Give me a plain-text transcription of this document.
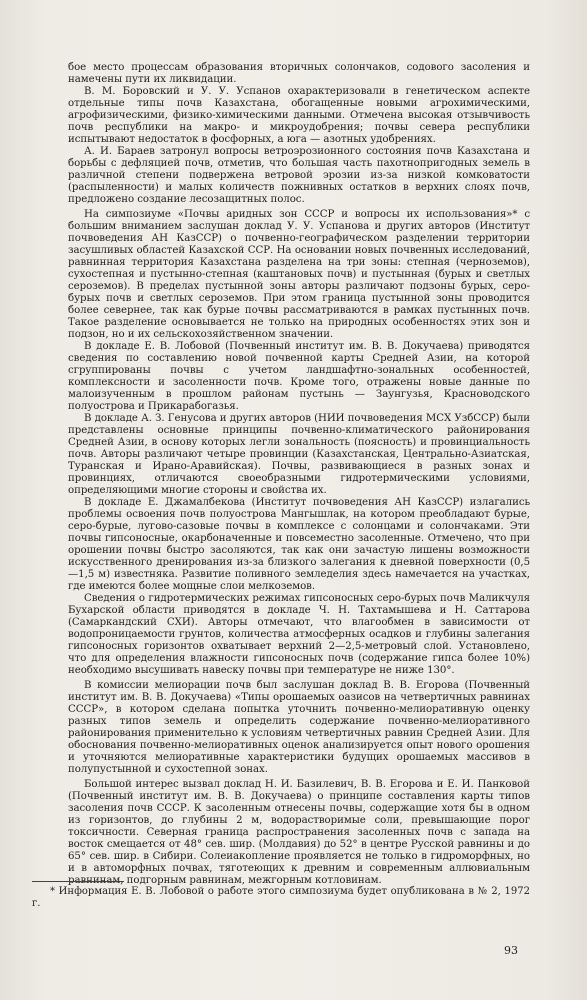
бое место процессам образования вторичных солончаков, содового засоления и намечены пути их ликвидации.

В. М. Боровский и У. У. Успанов охарактеризовали в генетическом аспекте отдельные типы почв Казахстана, обогащенные новыми агрохимическими, агрофизическими, физико-химическими данными. Отмечена высокая отзывчивость почв республики на макро- и микроудобрения; почвы севера республики испытывают недостаток в фосфорных, а юга — азотных удобрениях.

А. И. Бараев затронул вопросы ветроэрозионного состояния почв Казахстана и борьбы с дефляцией почв, отметив, что большая часть пахотнопригодных земель в различной степени подвержена ветровой эрозии из-за низкой комковатости (распыленности) и малых количеств пожнивных остатков в верхних слоях почв, предложено создание лесозащитных полос.

На симпозиуме «Почвы аридных зон СССР и вопросы их использования»* с большим вниманием заслушан доклад У. У. Успанова и других авторов (Институт почвоведения АН КазССР) о почвенно-географическом разделении территории засушливых областей Казахской ССР. На основании новых почвенных исследований, равнинная территория Казахстана разделена на три зоны: степная (черноземов), сухостепная и пустынно-степная (каштановых почв) и пустынная (бурых и светлых сероземов). В пределах пустынной зоны авторы различают подзоны бурых, серо-бурых почв и светлых сероземов. При этом граница пустынной зоны проводится более севернее, так как бурые почвы рассматриваются в рамках пустынных почв. Такое разделение основывается не только на природных особенностях этих зон и подзон, но и их сельскохозяйственном значении.

В докладе Е. В. Лобовой (Почвенный институт им. В. В. Докучаева) приводятся сведения по составлению новой почвенной карты Средней Азии, на которой сгруппированы почвы с учетом ландшафтно-зональных особенностей, комплексности и засоленности почв. Кроме того, отражены новые данные по малоизученным в прошлом районам пустынь — Заунгузья, Красноводского полуострова и Прикарабогазья.

В докладе А. З. Генусова и других авторов (НИИ почвоведения МСХ УзбССР) были представлены основные принципы почвенно-климатического районирования Средней Азии, в основу которых легли зональность (поясность) и провинциальность почв. Авторы различают четыре провинции (Казахстанская, Центрально-Азиатская, Туранская и Ирано-Аравийская). Почвы, развивающиеся в разных зонах и провинциях, отличаются своеобразными гидротермическими условиями, определяющими многие стороны и свойства их.

В докладе Е. Джамалбекова (Институт почвоведения АН КазССР) излагались проблемы освоения почв полуострова Мангышлак, на котором преобладают бурые, серо-бурые, лугово-сазовые почвы в комплексе с солонцами и солончаками. Эти почвы гипсоносные, окарбоначенные и повсеместно засоленные. Отмечено, что при орошении почвы быстро засоляются, так как они зачастую лишены возможности искусственного дренирования из-за близкого залегания к дневной поверхности (0,5—1,5 м) известняка. Развитие поливного земледелия здесь намечается на участках, где имеются более мощные слои мелкоземов.

Сведения о гидротермических режимах гипсоносных серо-бурых почв Маликчуля Бухарской области приводятся в докладе Ч. Н. Тахтамышева и Н. Саттарова (Самаркандский СХИ). Авторы отмечают, что влагообмен в зависимости от водопроницаемости грунтов, количества атмосферных осадков и глубины залегания гипсоносных горизонтов охватывает верхний 2—2,5-метровый слой. Установлено, что для определения влажности гипсоносных почв (содержание гипса более 10%) необходимо высушивать навеску почвы при температуре не ниже 130°.

В комиссии мелиорации почв был заслушан доклад В. В. Егорова (Почвенный институт им. В. В. Докучаева) «Типы орошаемых оазисов на четвертичных равнинах СССР», в котором сделана попытка уточнить почвенно-мелиоративную оценку разных типов земель и определить содержание почвенно-мелиоративного районирования применительно к условиям четвертичных равнин Средней Азии. Для обоснования почвенно-мелиоративных оценок анализируется опыт нового орошения и уточняются мелиоративные характеристики будущих орошаемых массивов в полупустынной и сухостепной зонах.

Большой интерес вызвал доклад Н. И. Базилевич, В. В. Егорова и Е. И. Панковой (Почвенный институт им. В. В. Докучаева) о принципе составления карты типов засоления почв СССР. К засоленным отнесены почвы, содержащие хотя бы в одном из горизонтов, до глубины 2 м, водорастворимые соли, превышающие порог токсичности. Северная граница распространения засоленных почв с запада на восток смещается от 48° сев. шир. (Молдавия) до 52° в центре Русской равнины и до 65° сев. шир. в Сибири. Солеиакопление проявляется не только в гидроморфных, но и в автоморфных почвах, тяготеющих к древним и современным аллювиальным равнинам, подгорным равнинам, межгорным котловинам.

* Информация Е. В. Лобовой о работе этого симпозиума будет опубликована в № 2, 1972 г.

93
